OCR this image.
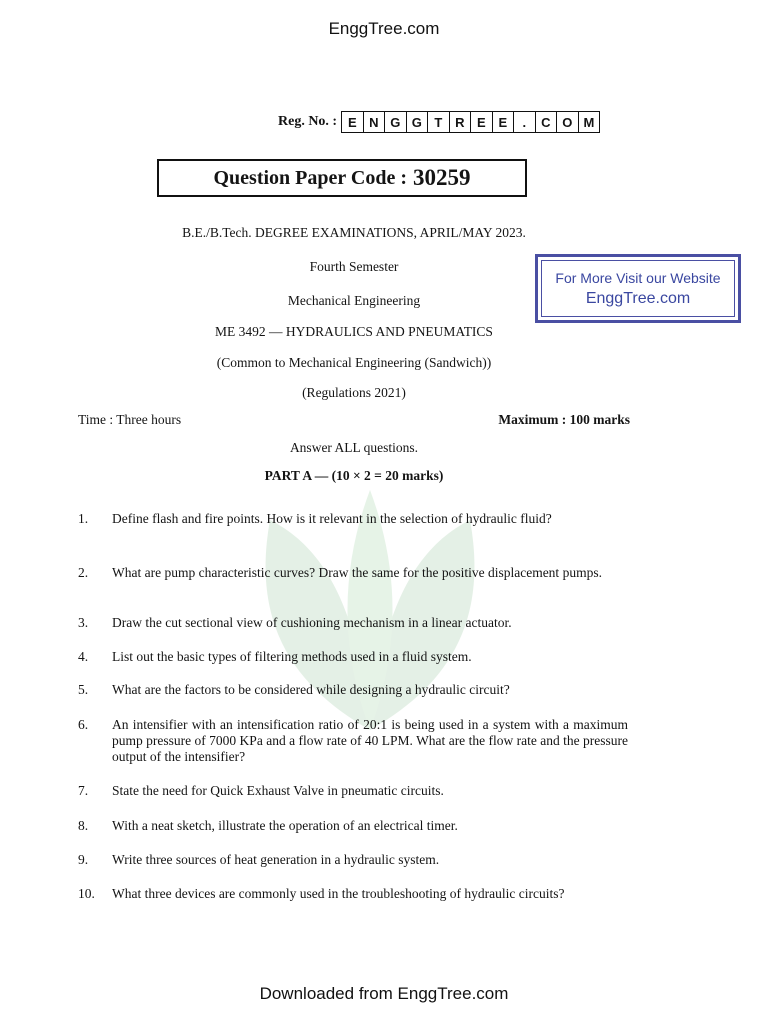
EnggTree.com
Reg. No. : E N G G T R E E	.	C O M
Question Paper Code : 30259
B.E./B.Tech. DEGREE EXAMINATIONS, APRIL/MAY 2023.
Fourth Semester
Mechanical Engineering
ME 3492 — HYDRAULICS AND PNEUMATICS
(Common to Mechanical Engineering (Sandwich))
(Regulations 2021)
For More Visit our Website
EnggTree.com
Time : Three hours	Maximum : 100 marks
Answer ALL questions.
PART A — (10 × 2 = 20 marks)
1.	Define flash and fire points. How is it relevant in the selection of hydraulic fluid?
2.	What are pump characteristic curves? Draw the same for the positive displacement pumps.
3.	Draw the cut sectional view of cushioning mechanism in a linear actuator.
4.	List out the basic types of filtering methods used in a fluid system.
5.	What are the factors to be considered while designing a hydraulic circuit?
6.	An intensifier with an intensification ratio of 20:1 is being used in a system with a maximum pump pressure of 7000 KPa and a flow rate of 40 LPM. What are the flow rate and the pressure output of the intensifier?
7.	State the need for Quick Exhaust Valve in pneumatic circuits.
8.	With a neat sketch, illustrate the operation of an electrical timer.
9.	Write three sources of heat generation in a hydraulic system.
10.	What three devices are commonly used in the troubleshooting of hydraulic circuits?
Downloaded from EnggTree.com
